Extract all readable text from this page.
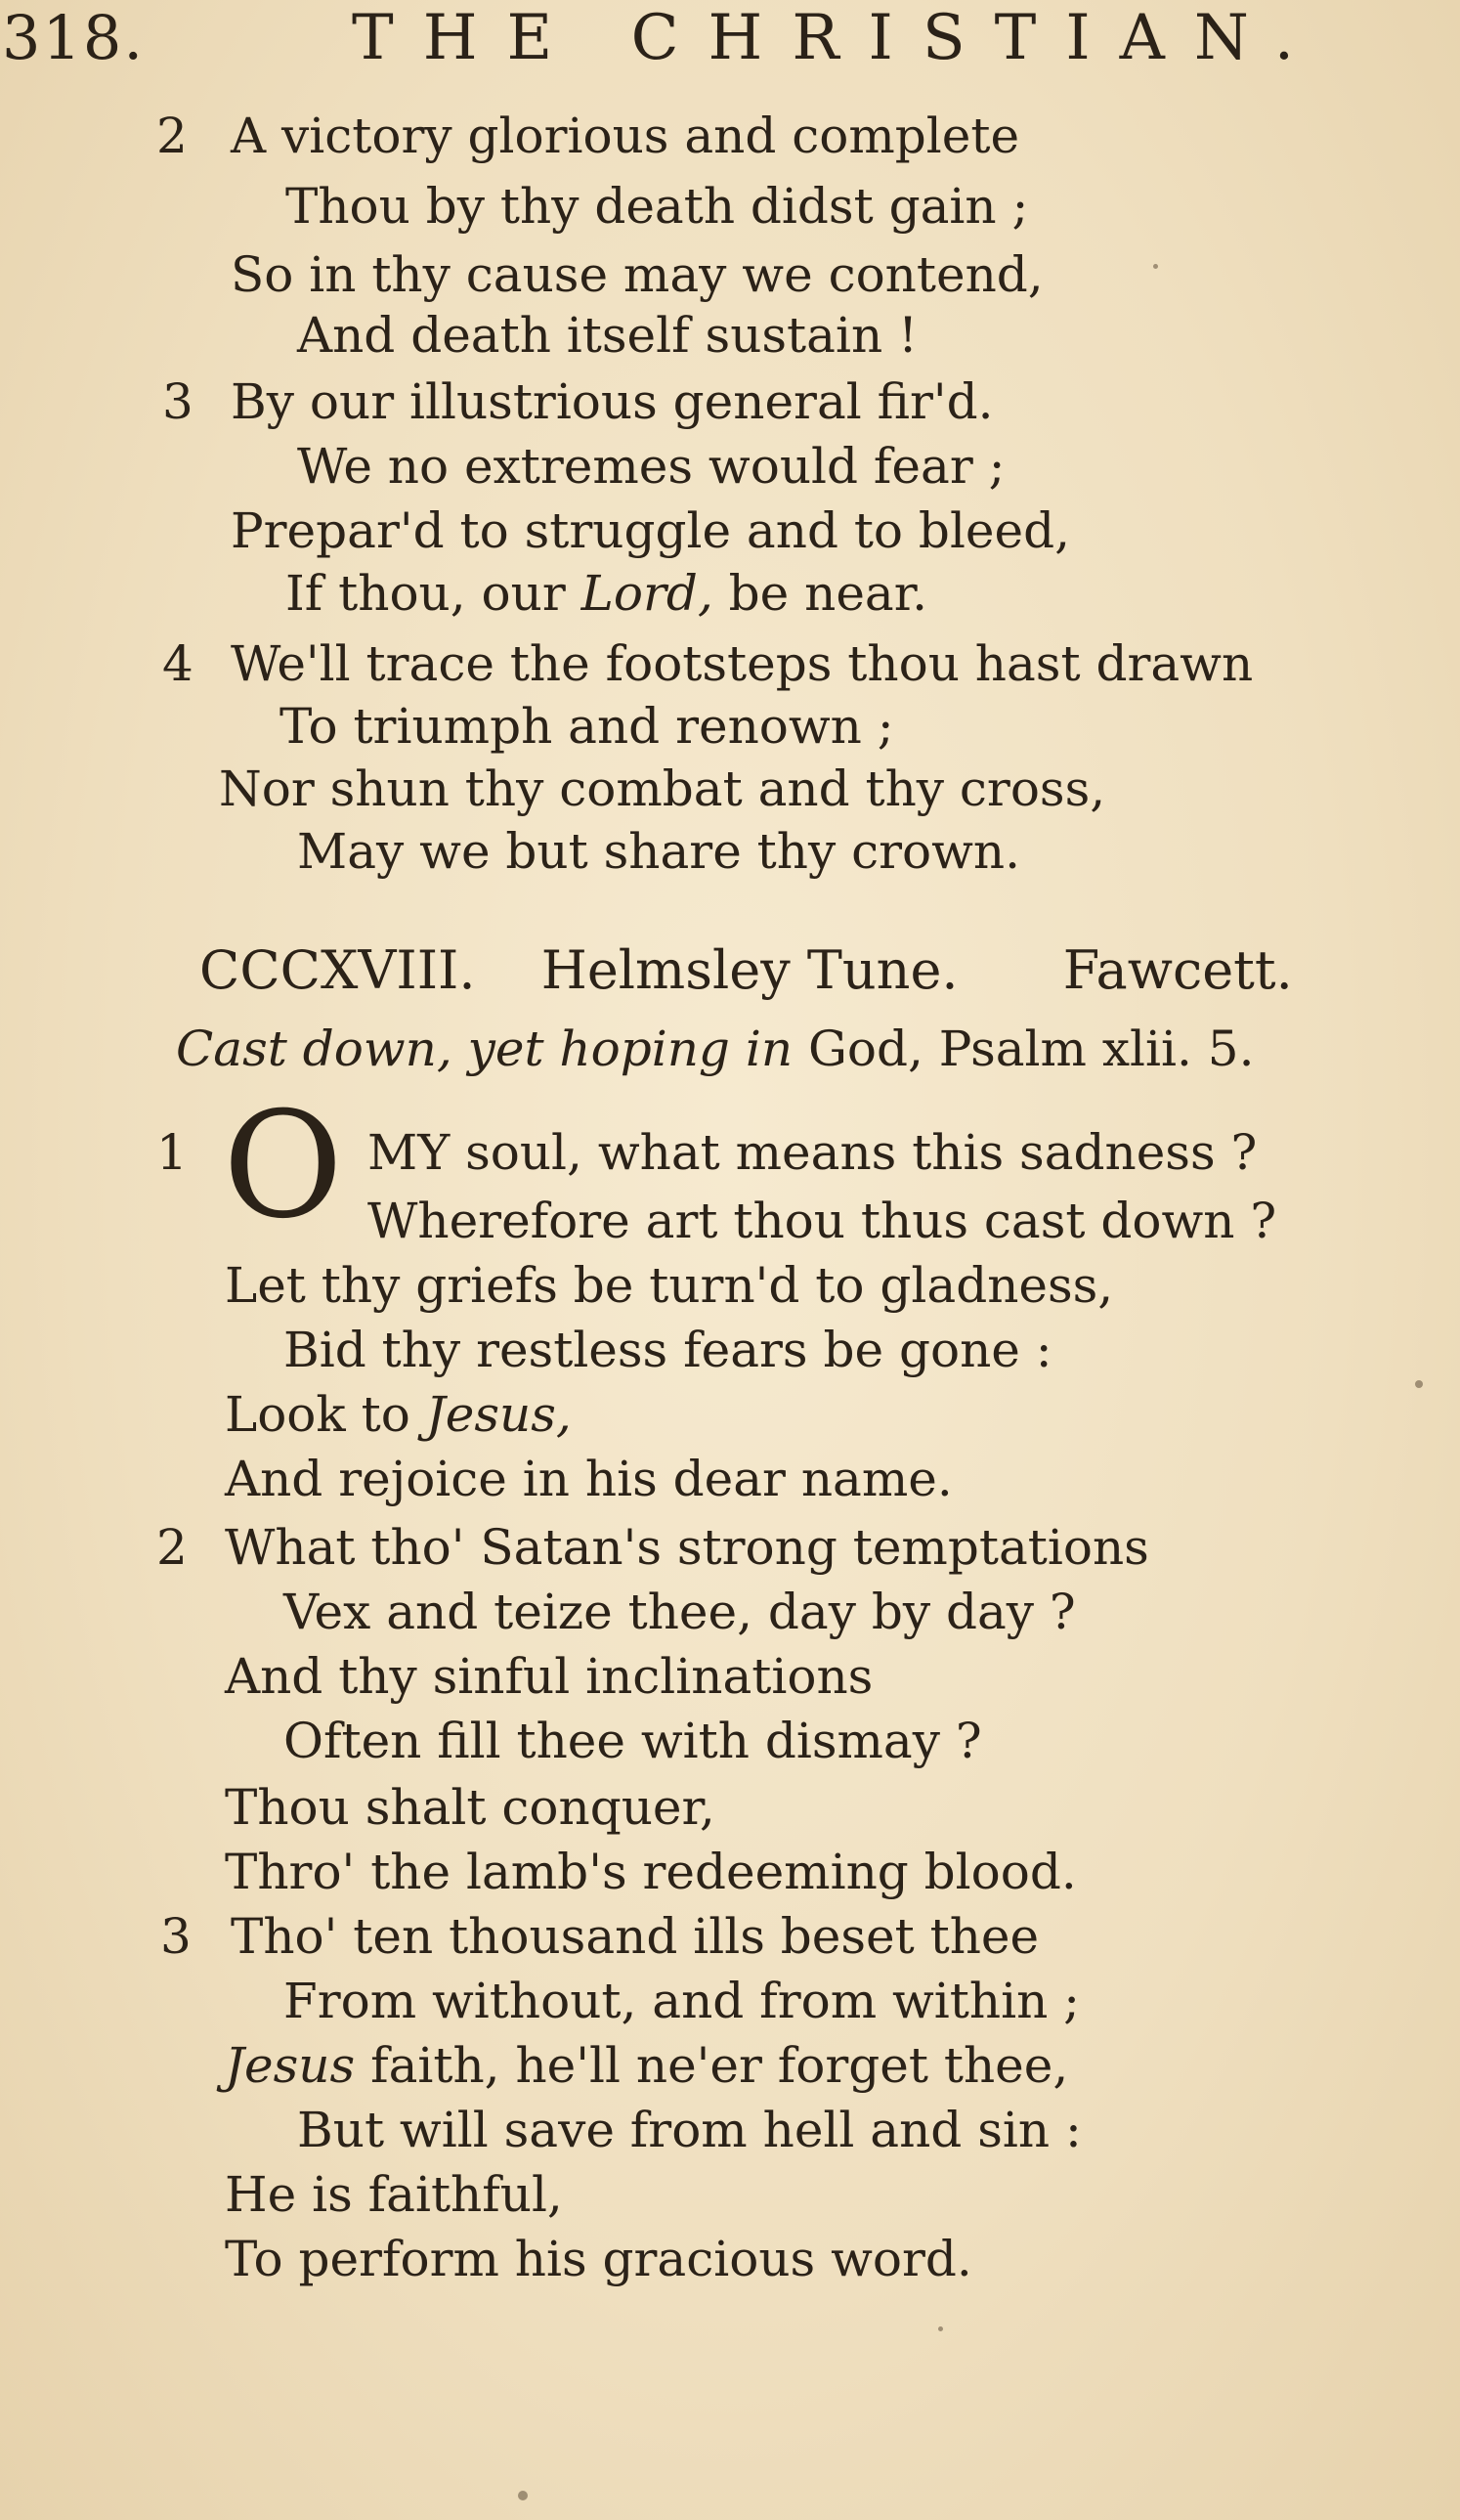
318.	THE CHRISTIAN.
2 A victory glorious and complete
Thou by thy death didst gain ;
So in thy cause may we contend,
And death itself sustain !
3 By our illustrious general fir'd.
We no extremes would fear ;
Prepar'd to struggle and to bleed,
If thou, our Lord, be near.
4 We'll trace the footsteps thou hast drawn
To triumph and renown ;
Nor shun thy combat and thy cross,
May we but share thy crown.
CCCXVIII. Helmsley Tune. Fawcett.
Cast down, yet hoping in God, Psalm xlii. 5.
1 O MY soul, what means this sadness ?
Wherefore art thou thus cast down ?
Let thy griefs be turn'd to gladness,
Bid thy restless fears be gone :
Look to Jesus,
And rejoice in his dear name.
2 What tho' Satan's strong temptations
Vex and teize thee, day by day ?
And thy sinful inclinations
Often fill thee with dismay ?
Thou shalt conquer,
Thro' the lamb's redeeming blood.
3 Tho' ten thousand ills beset thee
From without, and from within ;
Jesus faith, he'll ne'er forget thee,
But will save from hell and sin :
He is faithful,
To perform his gracious word.
